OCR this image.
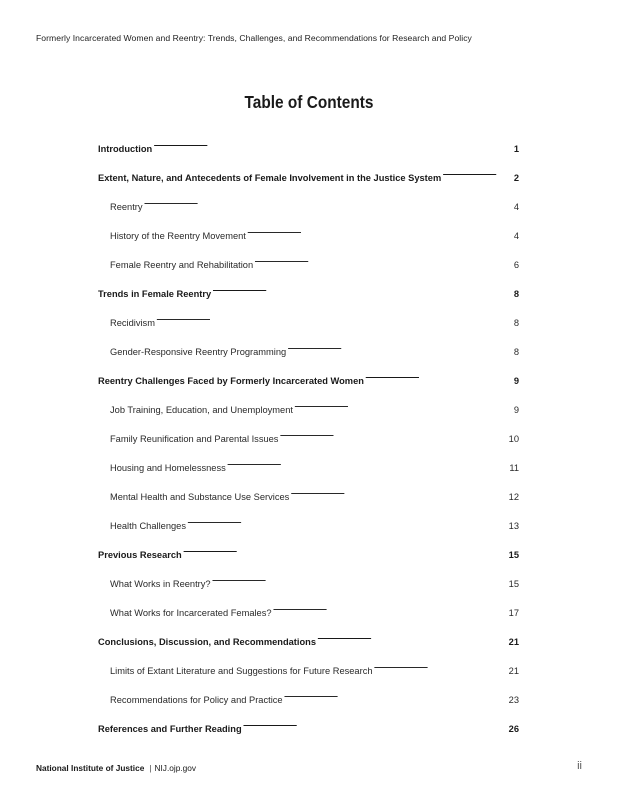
Formerly Incarcerated Women and Reentry: Trends, Challenges, and Recommendations for Research and Policy
Table of Contents
Introduction . . .	1
Extent, Nature, and Antecedents of Female Involvement in the Justice System . . .	2
Reentry . . .	4
History of the Reentry Movement . . .	4
Female Reentry and Rehabilitation . . .	6
Trends in Female Reentry . . .	8
Recidivism . . .	8
Gender-Responsive Reentry Programming . . .	8
Reentry Challenges Faced by Formerly Incarcerated Women . . .	9
Job Training, Education, and Unemployment . . .	9
Family Reunification and Parental Issues . . .	10
Housing and Homelessness . . .	11
Mental Health and Substance Use Services . . .	12
Health Challenges . . .	13
Previous Research . . .	15
What Works in Reentry? . . .	15
What Works for Incarcerated Females? . . .	17
Conclusions, Discussion, and Recommendations . . .	21
Limits of Extant Literature and Suggestions for Future Research . . .	21
Recommendations for Policy and Practice . . .	23
References and Further Reading . . .	26
National Institute of Justice | NIJ.ojp.gov	ii
